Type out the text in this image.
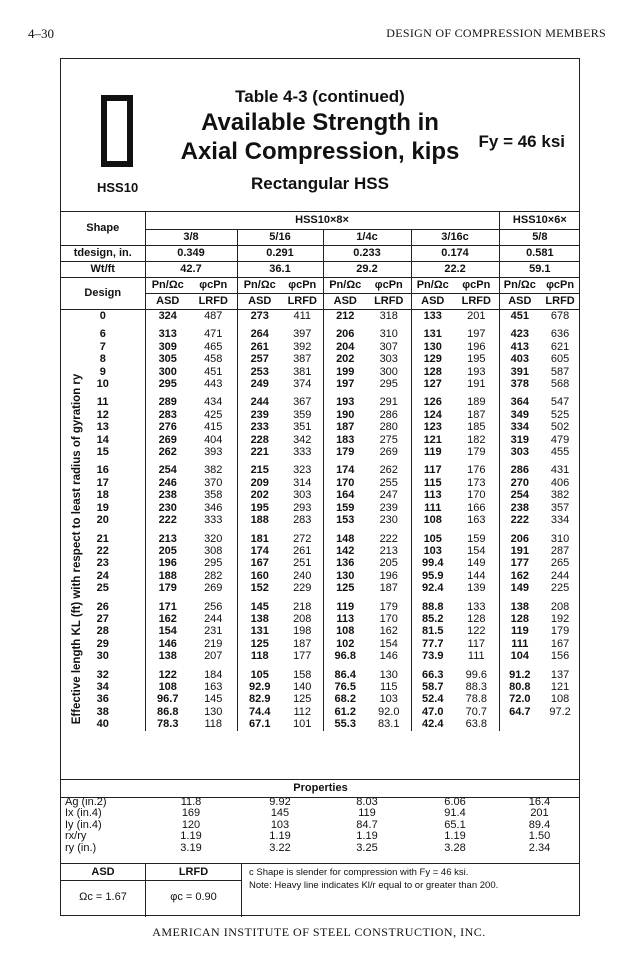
4–30	DESIGN OF COMPRESSION MEMBERS
HSS10
Table 4-3 (continued)
Available Strength in
Axial Compression, kips
Rectangular HSS
Fy = 46 ksi
Shape	HSS10×8×								HSS10×6×	
	3/8		5/16		1/4c		3/16c		5/8	
tdesign, in.	0.349		0.291		0.233		0.174		0.581	
Wt/ft	42.7		36.1		29.2		22.2		59.1	
Design	Pn/Ωc	φcPn	Pn/Ωc	φcPn	Pn/Ωc	φcPn	Pn/Ωc	φcPn	Pn/Ωc	φcPn
	ASD	LRFD	ASD	LRFD	ASD	LRFD	ASD	LRFD	ASD	LRFD
0	324	487	273	411	212	318	133	201	451	678
6	313	471	264	397	206	310	131	197	423	636
7	309	465	261	392	204	307	130	196	413	621
8	305	458	257	387	202	303	129	195	403	605
9	300	451	253	381	199	300	128	193	391	587
10	295	443	249	374	197	295	127	191	378	568
11	289	434	244	367	193	291	126	189	364	547
12	283	425	239	359	190	286	124	187	349	525
13	276	415	233	351	187	280	123	185	334	502
14	269	404	228	342	183	275	121	182	319	479
15	262	393	221	333	179	269	119	179	303	455
16	254	382	215	323	174	262	117	176	286	431
17	246	370	209	314	170	255	115	173	270	406
18	238	358	202	303	164	247	113	170	254	382
19	230	346	195	293	159	239	111	166	238	357
20	222	333	188	283	153	230	108	163	222	334
21	213	320	181	272	148	222	105	159	206	310
22	205	308	174	261	142	213	103	154	191	287
23	196	295	167	251	136	205	99.4	149	177	265
24	188	282	160	240	130	196	95.9	144	162	244
25	179	269	152	229	125	187	92.4	139	149	225
26	171	256	145	218	119	179	88.8	133	138	208
27	162	244	138	208	113	170	85.2	128	128	192
28	154	231	131	198	108	162	81.5	122	119	179
29	146	219	125	187	102	154	77.7	117	111	167
30	138	207	118	177	96.8	146	73.9	111	104	156
32	122	184	105	158	86.4	130	66.3	99.6	91.2	137
34	108	163	92.9	140	76.5	115	58.7	88.3	80.8	121
36	96.7	145	82.9	125	68.2	103	52.4	78.8	72.0	108
38	86.8	130	74.4	112	61.2	92.0	47.0	70.7	64.7	97.2
40	78.3	118	67.1	101	55.3	83.1	42.4	63.8		
Effective length KL (ft) with respect to least radius of gyration ry
Properties
Ag (in.2)	11.8	9.92	8.03	6.06	16.4
Ix (in.4)	169	145	119	91.4	201
Iy (in.4)	120	103	84.7	65.1	89.4
rx/ry	1.19	1.19	1.19	1.19	1.50
ry (in.)	3.19	3.22	3.25	3.28	2.34
ASD
Ωc = 1.67
LRFD
φc = 0.90
c Shape is slender for compression with Fy = 46 ksi.
Note: Heavy line indicates Kl/r equal to or greater than 200.
AMERICAN INSTITUTE OF STEEL CONSTRUCTION, INC.
